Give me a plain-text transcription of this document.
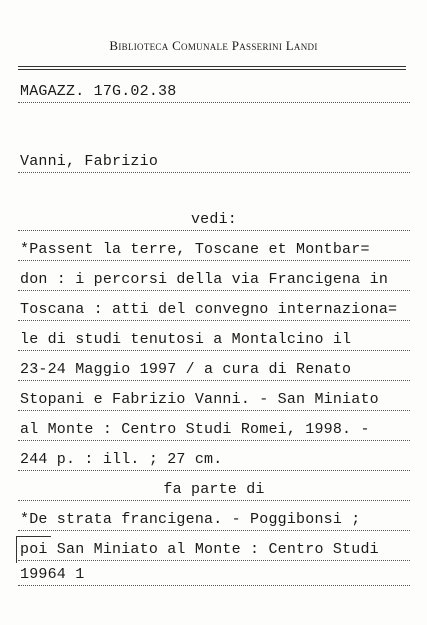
Biblioteca Comunale Passerini Landi
MAGAZZ. 17G.02.38
Vanni, Fabrizio
vedi:
*Passent la terre, Toscane et Montbar=
don : i percorsi della via Francigena in
Toscana : atti del convegno internaziona=
le di studi tenutosi a Montalcino il
23-24 Maggio 1997 / a cura di Renato
Stopani e Fabrizio Vanni. - San Miniato
al Monte : Centro Studi Romei, 1998. -
244 p. : ill. ; 27 cm.
fa parte di
*De strata francigena. - Poggibonsi ;
poi San Miniato al Monte : Centro Studi
19964 1
